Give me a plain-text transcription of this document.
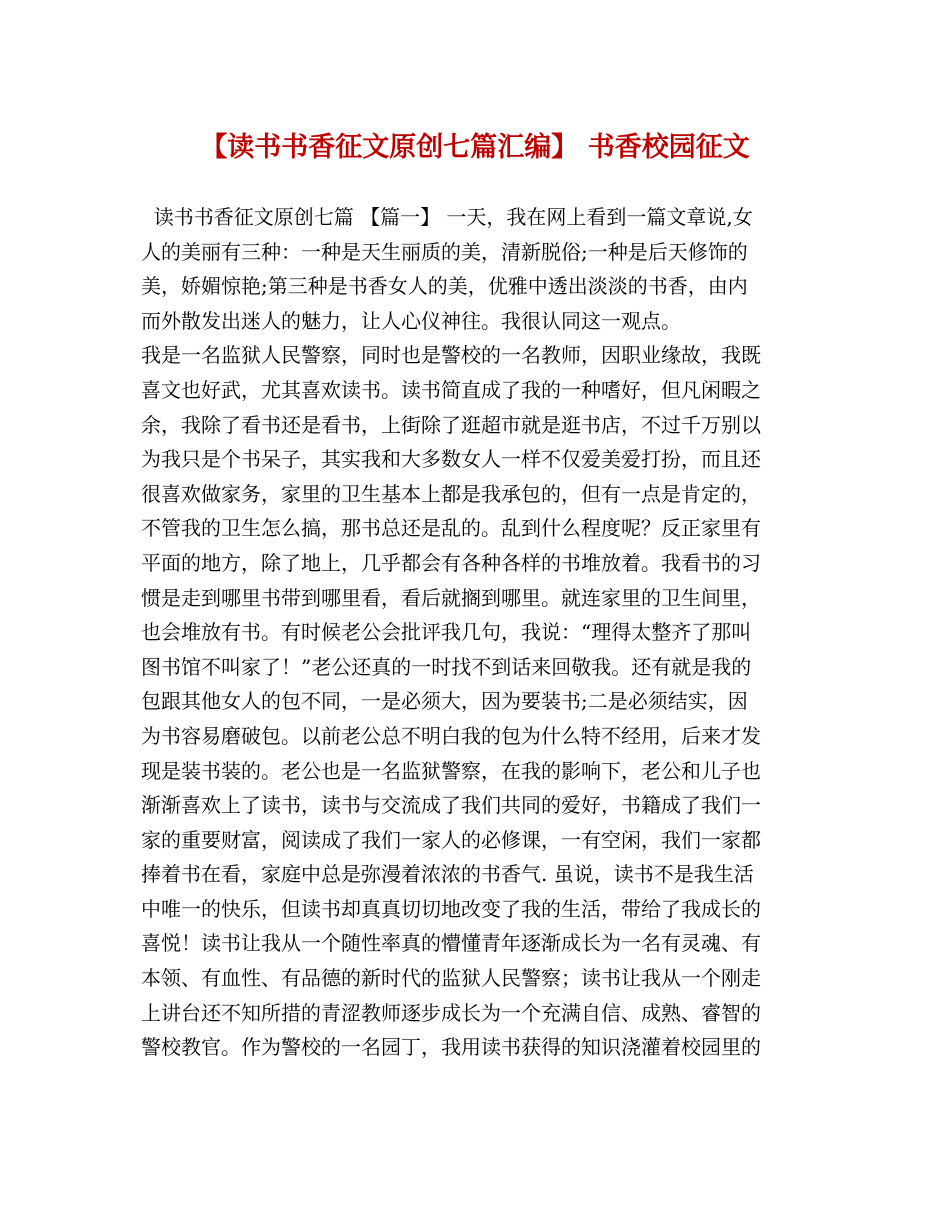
【读书书香征文原创七篇汇编】 书香校园征文
读书书香征文原创七篇 【篇一】 一天，我在网上看到一篇文章说,女
人的美丽有三种：一种是天生丽质的美，清新脱俗;一种是后天修饰的
美，娇媚惊艳;第三种是书香女人的美，优雅中透出淡淡的书香，由内
而外散发出迷人的魅力，让人心仪神往。我很认同这一观点。
我是一名监狱人民警察，同时也是警校的一名教师，因职业缘故，我既
喜文也好武，尤其喜欢读书。读书简直成了我的一种嗜好，但凡闲暇之
余，我除了看书还是看书，上街除了逛超市就是逛书店，不过千万别以
为我只是个书呆子，其实我和大多数女人一样不仅爱美爱打扮，而且还
很喜欢做家务，家里的卫生基本上都是我承包的，但有一点是肯定的，
不管我的卫生怎么搞，那书总还是乱的。乱到什么程度呢？反正家里有
平面的地方，除了地上，几乎都会有各种各样的书堆放着。我看书的习
惯是走到哪里书带到哪里看，看后就搁到哪里。就连家里的卫生间里，
也会堆放有书。有时候老公会批评我几句，我说：“理得太整齐了那叫
图书馆不叫家了！”老公还真的一时找不到话来回敬我。还有就是我的
包跟其他女人的包不同，一是必须大，因为要装书;二是必须结实，因
为书容易磨破包。以前老公总不明白我的包为什么特不经用，后来才发
现是装书装的。老公也是一名监狱警察，在我的影响下，老公和儿子也
渐渐喜欢上了读书，读书与交流成了我们共同的爱好，书籍成了我们一
家的重要财富，阅读成了我们一家人的必修课，一有空闲，我们一家都
捧着书在看，家庭中总是弥漫着浓浓的书香气. 虽说，读书不是我生活
中唯一的快乐，但读书却真真切切地改变了我的生活，带给了我成长的
喜悦！读书让我从一个随性率真的懵懂青年逐渐成长为一名有灵魂、有
本领、有血性、有品德的新时代的监狱人民警察；读书让我从一个刚走
上讲台还不知所措的青涩教师逐步成长为一个充满自信、成熟、睿智的
警校教官。作为警校的一名园丁，我用读书获得的知识浇灌着校园里的
